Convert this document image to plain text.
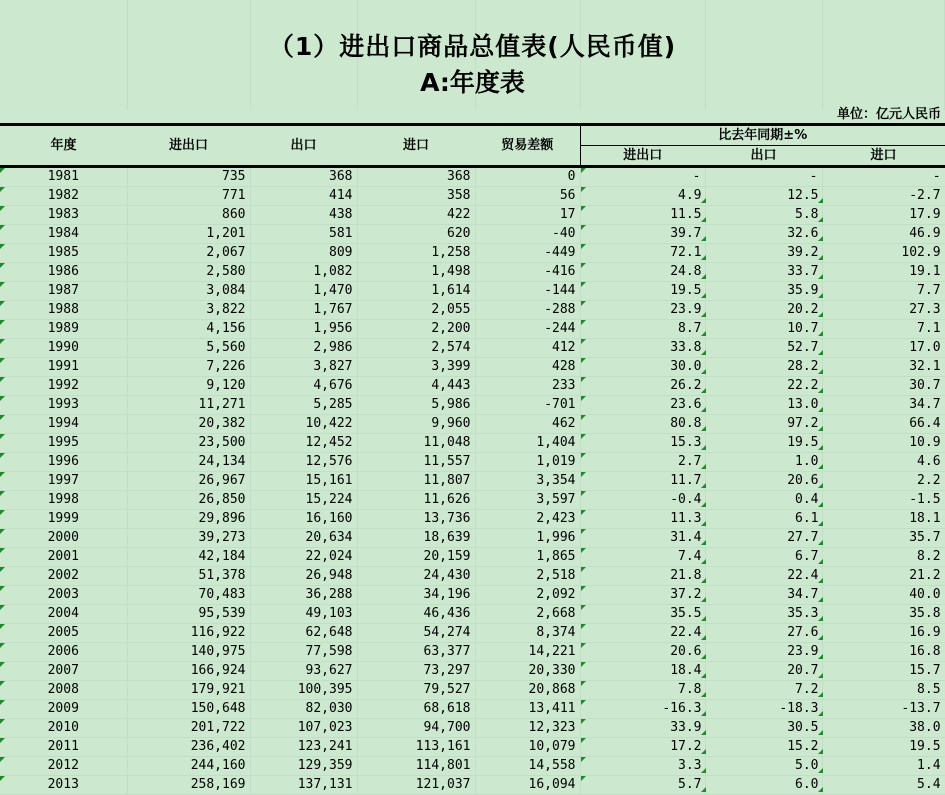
（1）进出口商品总值表(人民币值)
A:年度表
单位：亿元人民币
年度	进出口	出口	进口	贸易差额	比去年同期±%		
					进出口	出口	进口
1981	735	368	368	0	-	-	-
1982	771	414	358	56	4.9	12.5	-2.7
1983	860	438	422	17	11.5	5.8	17.9
1984	1,201	581	620	-40	39.7	32.6	46.9
1985	2,067	809	1,258	-449	72.1	39.2	102.9
1986	2,580	1,082	1,498	-416	24.8	33.7	19.1
1987	3,084	1,470	1,614	-144	19.5	35.9	7.7
1988	3,822	1,767	2,055	-288	23.9	20.2	27.3
1989	4,156	1,956	2,200	-244	8.7	10.7	7.1
1990	5,560	2,986	2,574	412	33.8	52.7	17.0
1991	7,226	3,827	3,399	428	30.0	28.2	32.1
1992	9,120	4,676	4,443	233	26.2	22.2	30.7
1993	11,271	5,285	5,986	-701	23.6	13.0	34.7
1994	20,382	10,422	9,960	462	80.8	97.2	66.4
1995	23,500	12,452	11,048	1,404	15.3	19.5	10.9
1996	24,134	12,576	11,557	1,019	2.7	1.0	4.6
1997	26,967	15,161	11,807	3,354	11.7	20.6	2.2
1998	26,850	15,224	11,626	3,597	-0.4	0.4	-1.5
1999	29,896	16,160	13,736	2,423	11.3	6.1	18.1
2000	39,273	20,634	18,639	1,996	31.4	27.7	35.7
2001	42,184	22,024	20,159	1,865	7.4	6.7	8.2
2002	51,378	26,948	24,430	2,518	21.8	22.4	21.2
2003	70,483	36,288	34,196	2,092	37.2	34.7	40.0
2004	95,539	49,103	46,436	2,668	35.5	35.3	35.8
2005	116,922	62,648	54,274	8,374	22.4	27.6	16.9
2006	140,975	77,598	63,377	14,221	20.6	23.9	16.8
2007	166,924	93,627	73,297	20,330	18.4	20.7	15.7
2008	179,921	100,395	79,527	20,868	7.8	7.2	8.5
2009	150,648	82,030	68,618	13,411	-16.3	-18.3	-13.7
2010	201,722	107,023	94,700	12,323	33.9	30.5	38.0
2011	236,402	123,241	113,161	10,079	17.2	15.2	19.5
2012	244,160	129,359	114,801	14,558	3.3	5.0	1.4
2013	258,169	137,131	121,037	16,094	5.7	6.0	5.4
